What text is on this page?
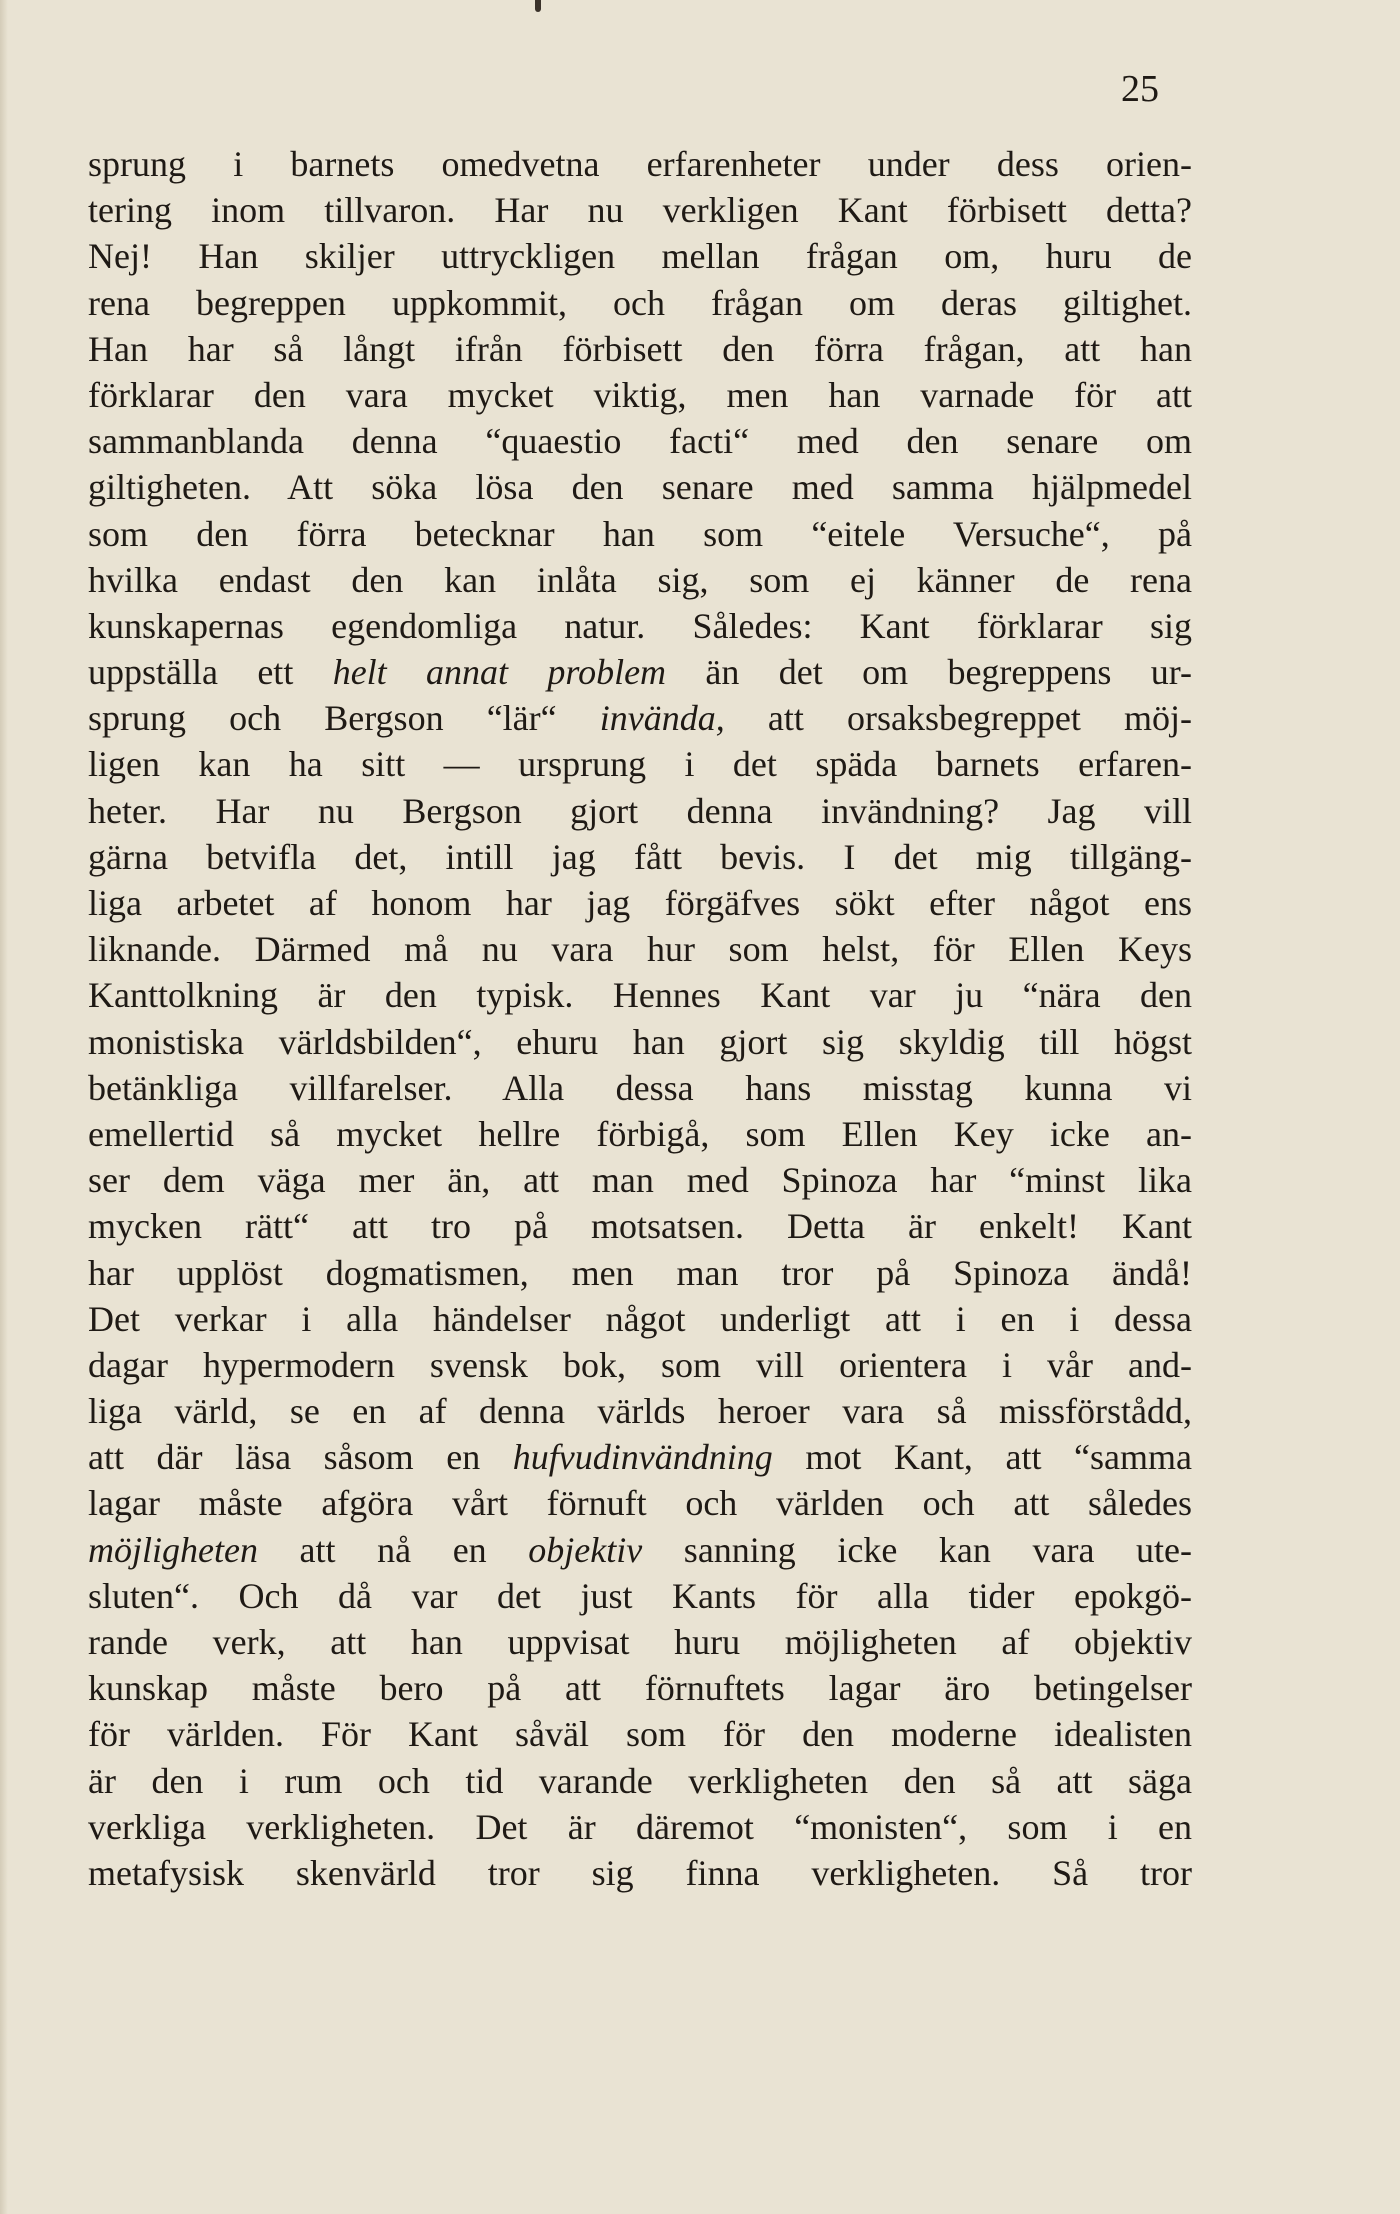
25
sprung i barnets omedvetna erfarenheter under dess orien-
tering inom tillvaron. Har nu verkligen Kant förbisett detta?
Nej! Han skiljer uttryckligen mellan frågan om, huru de
rena begreppen uppkommit, och frågan om deras giltighet.
Han har så långt ifrån förbisett den förra frågan, att han
förklarar den vara mycket viktig, men han varnade för att
sammanblanda denna “quaestio facti“ med den senare om
giltigheten. Att söka lösa den senare med samma hjälpmedel
som den förra betecknar han som “eitele Versuche“, på
hvilka endast den kan inlåta sig, som ej känner de rena
kunskapernas egendomliga natur. Således: Kant förklarar sig
uppställa ett helt annat problem än det om begreppens ur-
sprung och Bergson “lär“ invända, att orsaksbegreppet möj-
ligen kan ha sitt — ursprung i det späda barnets erfaren-
heter. Har nu Bergson gjort denna invändning? Jag vill
gärna betvifla det, intill jag fått bevis. I det mig tillgäng-
liga arbetet af honom har jag förgäfves sökt efter något ens
liknande. Därmed må nu vara hur som helst, för Ellen Keys
Kanttolkning är den typisk. Hennes Kant var ju “nära den
monistiska världsbilden“, ehuru han gjort sig skyldig till högst
betänkliga villfarelser. Alla dessa hans misstag kunna vi
emellertid så mycket hellre förbigå, som Ellen Key icke an-
ser dem väga mer än, att man med Spinoza har “minst lika
mycken rätt“ att tro på motsatsen. Detta är enkelt! Kant
har upplöst dogmatismen, men man tror på Spinoza ändå!
Det verkar i alla händelser något underligt att i en i dessa
dagar hypermodern svensk bok, som vill orientera i vår and-
liga värld, se en af denna världs heroer vara så missförstådd,
att där läsa såsom en hufvudinvändning mot Kant, att “samma
lagar måste afgöra vårt förnuft och världen och att således
möjligheten att nå en objektiv sanning icke kan vara ute-
sluten“. Och då var det just Kants för alla tider epokgö-
rande verk, att han uppvisat huru möjligheten af objektiv
kunskap måste bero på att förnuftets lagar äro betingelser
för världen. För Kant såväl som för den moderne idealisten
är den i rum och tid varande verkligheten den så att säga
verkliga verkligheten. Det är däremot “monisten“, som i en
metafysisk skenvärld tror sig finna verkligheten. Så tror
